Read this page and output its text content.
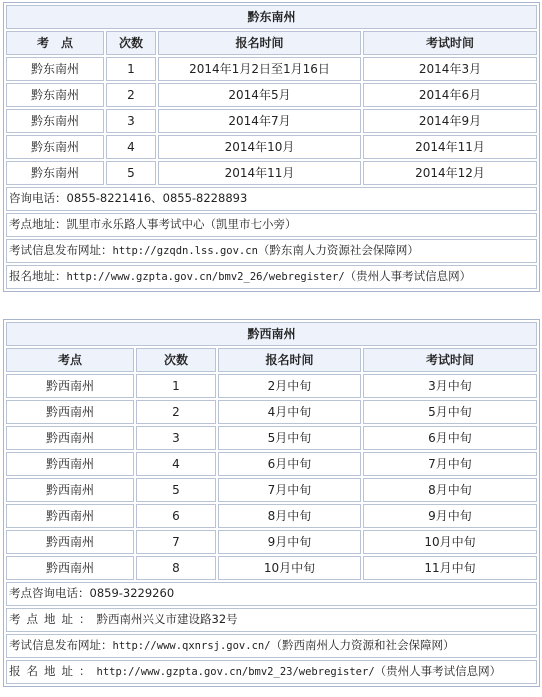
黔东南州			
考　点	次数	报名时间	考试时间
黔东南州	1	2014年1月2日至1月16日	2014年3月
黔东南州	2	2014年5月	2014年6月
黔东南州	3	2014年7月	2014年9月
黔东南州	4	2014年10月	2014年11月
黔东南州	5	2014年11月	2014年12月
咨询电话：0855-8221416、0855-8228893			
考点地址：凯里市永乐路人事考试中心（凯里市七小旁）			
考试信息发布网址：http://gzqdn.lss.gov.cn（黔东南人力资源社会保障网）			
报名地址：http://www.gzpta.gov.cn/bmv2_26/webregister/（贵州人事考试信息网）			
黔西南州			
考点	次数	报名时间	考试时间
黔西南州	1	2月中旬	3月中旬
黔西南州	2	4月中旬	5月中旬
黔西南州	3	5月中旬	6月中旬
黔西南州	4	6月中旬	7月中旬
黔西南州	5	7月中旬	8月中旬
黔西南州	6	8月中旬	9月中旬
黔西南州	7	9月中旬	10月中旬
黔西南州	8	10月中旬	11月中旬
考点咨询电话：0859-3229260			
考点地址：黔西南州兴义市建设路32号			
考试信息发布网址：http://www.qxnrsj.gov.cn/（黔西南州人力资源和社会保障网）			
报名地址：http://www.gzpta.gov.cn/bmv2_23/webregister/（贵州人事考试信息网）			
